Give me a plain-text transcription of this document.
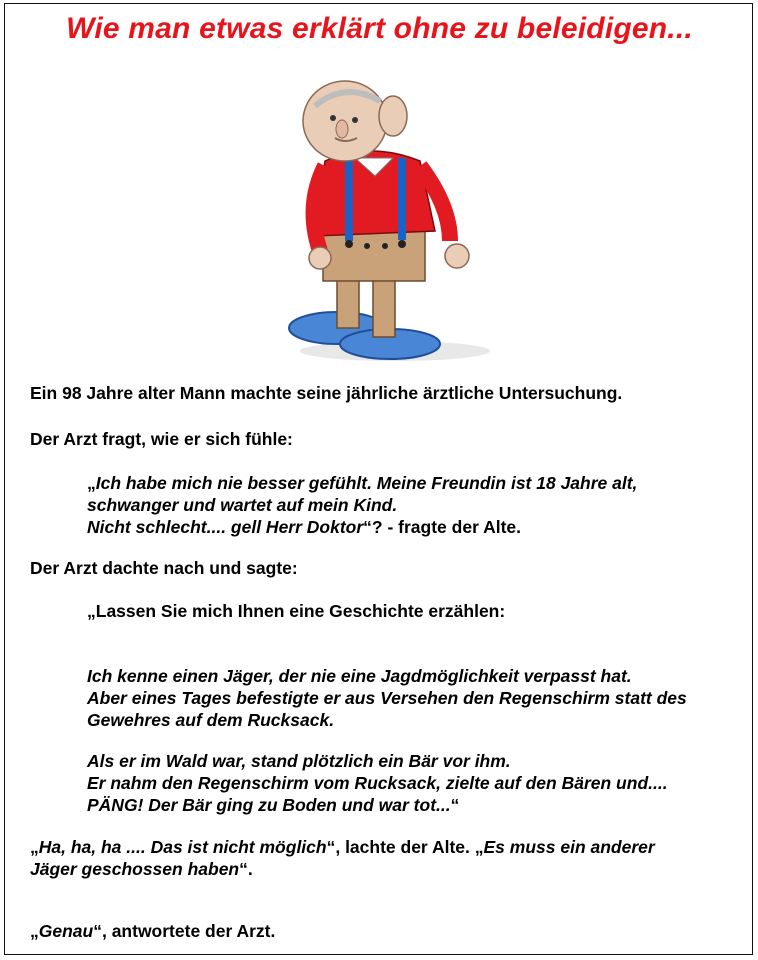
Wie man etwas erklärt ohne zu beleidigen...
Ein 98 Jahre alter Mann machte seine jährliche ärztliche Untersuchung.
Der Arzt fragt, wie er sich fühle:
„Ich habe mich nie besser gefühlt. Meine Freundin ist 18 Jahre alt,
schwanger und wartet auf mein Kind.
Nicht schlecht.... gell Herr Doktor“? - fragte der Alte.
Der Arzt dachte nach und sagte:
„Lassen Sie mich Ihnen eine Geschichte erzählen:
Ich kenne einen Jäger, der nie eine Jagdmöglichkeit verpasst hat.
Aber eines Tages befestigte er aus Versehen den Regenschirm statt des
Gewehres auf dem Rucksack.
Als er im Wald war, stand plötzlich ein Bär vor ihm.
Er nahm den Regenschirm vom Rucksack, zielte auf den Bären und....
PÄNG! Der Bär ging zu Boden und war tot...“
„Ha, ha, ha .... Das ist nicht möglich“, lachte der Alte. „Es muss ein anderer
Jäger geschossen haben“.
„Genau“, antwortete der Arzt.
